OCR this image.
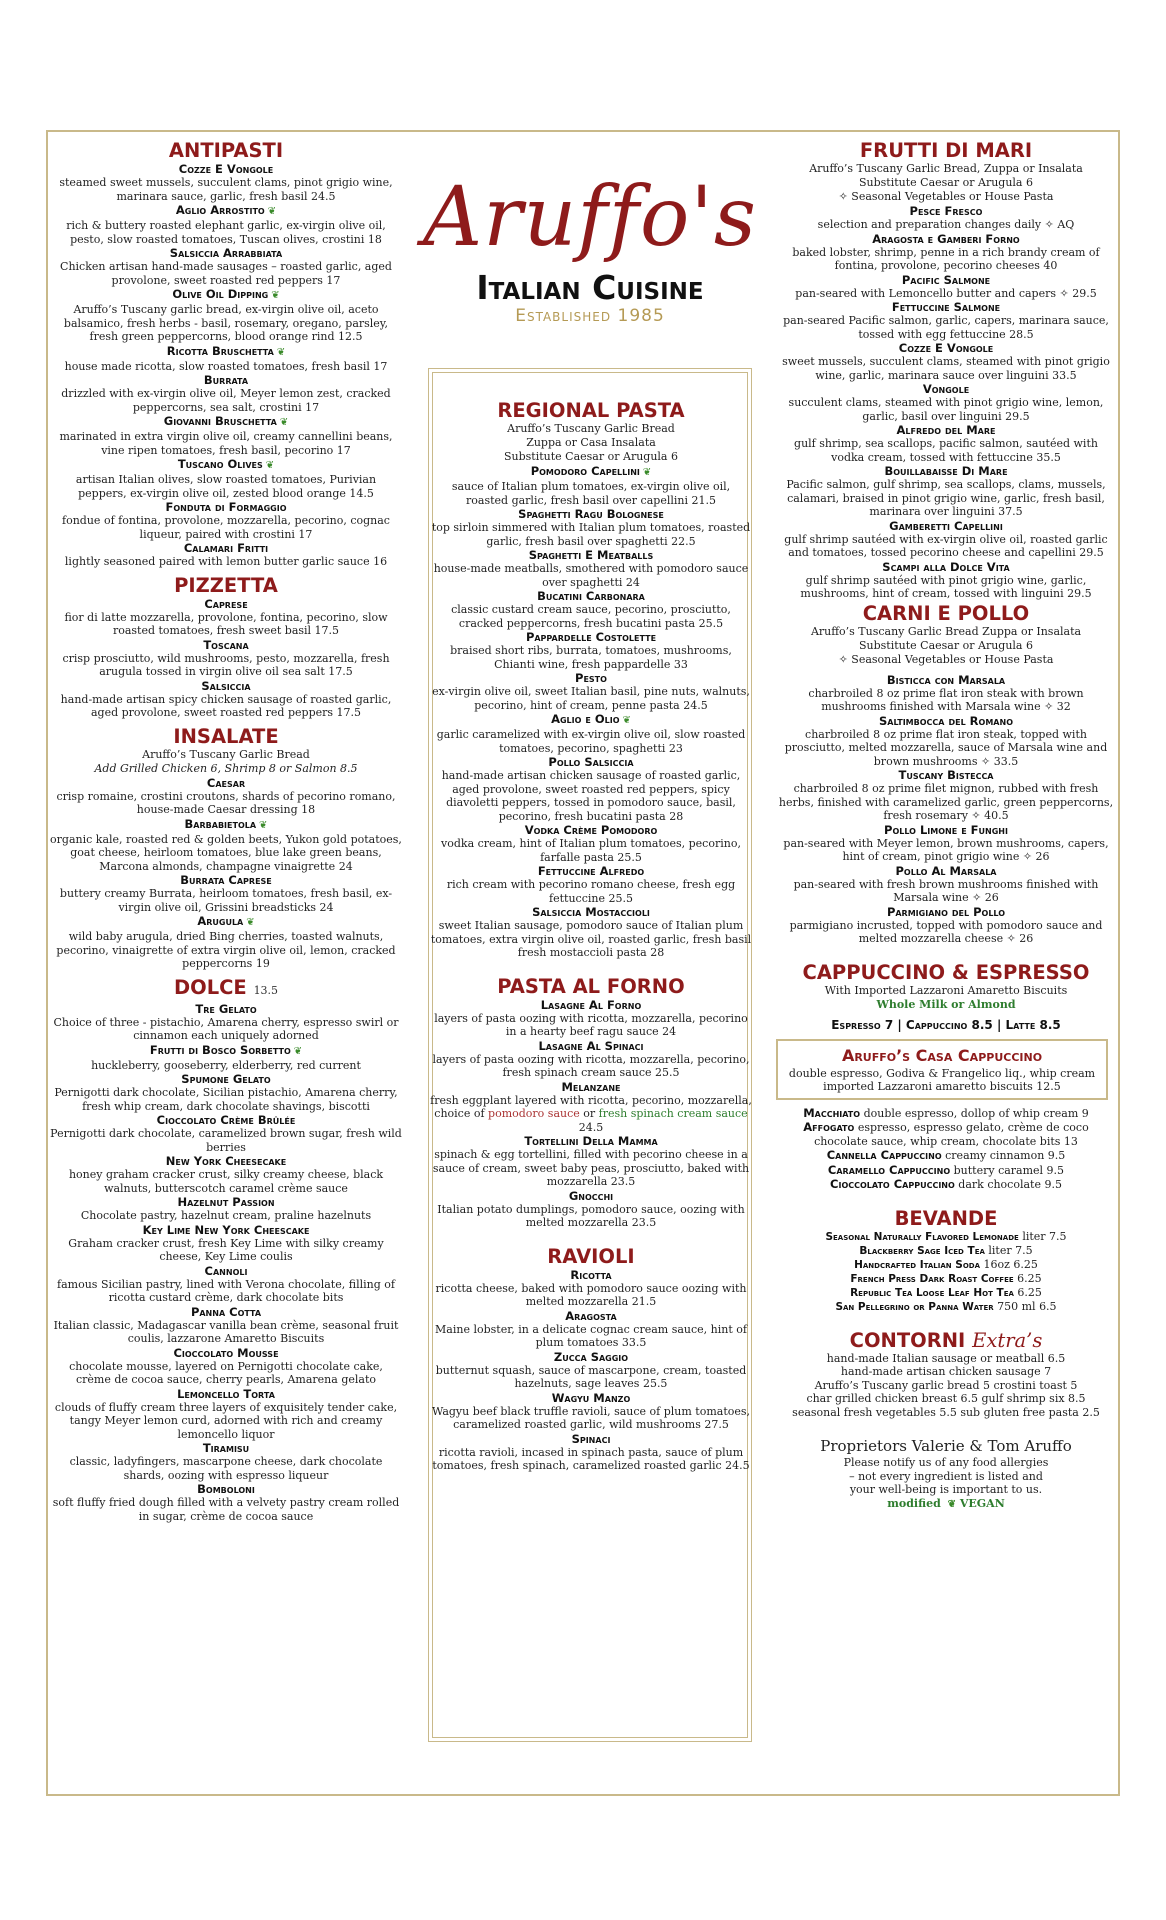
Aruffo's
Italian Cuisine
Established 1985
ANTIPASTI
Cozze E Vongole
steamed sweet mussels, succulent clams, pinot grigio wine, marinara sauce, garlic, fresh basil 24.5
Aglio Arrostito ❦
rich & buttery roasted elephant garlic, ex-virgin olive oil, pesto, slow roasted tomatoes, Tuscan olives, crostini 18
Salsiccia Arrabbiata
Chicken artisan hand-made sausages – roasted garlic, aged provolone, sweet roasted red peppers 17
Olive Oil Dipping ❦
Aruffo’s Tuscany garlic bread, ex-virgin olive oil, aceto balsamico, fresh herbs - basil, rosemary, oregano, parsley, fresh green peppercorns, blood orange rind 12.5
Ricotta Bruschetta ❦
house made ricotta, slow roasted tomatoes, fresh basil 17
Burrata
drizzled with ex-virgin olive oil, Meyer lemon zest, cracked peppercorns, sea salt, crostini 17
Giovanni Bruschetta ❦
marinated in extra virgin olive oil, creamy cannellini beans, vine ripen tomatoes, fresh basil, pecorino 17
Tuscano Olives ❦
artisan Italian olives, slow roasted tomatoes, Purivian peppers, ex-virgin olive oil, zested blood orange 14.5
Fonduta di Formaggio
fondue of fontina, provolone, mozzarella, pecorino, cognac liqueur, paired with crostini 17
Calamari Fritti
lightly seasoned paired with lemon butter garlic sauce 16
PIZZETTA
Caprese
fior di latte mozzarella, provolone, fontina, pecorino, slow roasted tomatoes, fresh sweet basil 17.5
Toscana
crisp prosciutto, wild mushrooms, pesto, mozzarella, fresh arugula tossed in virgin olive oil sea salt 17.5
Salsiccia
hand-made artisan spicy chicken sausage of roasted garlic, aged provolone, sweet roasted red peppers 17.5
INSALATE
Aruffo’s Tuscany Garlic Bread
Add Grilled Chicken 6, Shrimp 8 or Salmon 8.5
Caesar
crisp romaine, crostini croutons, shards of pecorino romano, house-made Caesar dressing 18
Barbabietola ❦
organic kale, roasted red & golden beets, Yukon gold potatoes, goat cheese, heirloom tomatoes, blue lake green beans, Marcona almonds, champagne vinaigrette 24
Burrata Caprese
buttery creamy Burrata, heirloom tomatoes, fresh basil, ex-virgin olive oil, Grissini breadsticks 24
Arugula ❦
wild baby arugula, dried Bing cherries, toasted walnuts, pecorino, vinaigrette of extra virgin olive oil, lemon, cracked peppercorns 19
DOLCE 13.5
Tre Gelato
Choice of three - pistachio, Amarena cherry, espresso swirl or cinnamon each uniquely adorned
Frutti di Bosco Sorbetto ❦
huckleberry, gooseberry, elderberry, red current
Spumone Gelato
Pernigotti dark chocolate, Sicilian pistachio, Amarena cherry, fresh whip cream, dark chocolate shavings, biscotti
Cioccolato Crème Brûlée
Pernigotti dark chocolate, caramelized brown sugar, fresh wild berries
New York Cheesecake
honey graham cracker crust, silky creamy cheese, black walnuts, butterscotch caramel crème sauce
Hazelnut Passion
Chocolate pastry, hazelnut cream, praline hazelnuts
Key Lime New York Cheescake
Graham cracker crust, fresh Key Lime with silky creamy cheese, Key Lime coulis
Cannoli
famous Sicilian pastry, lined with Verona chocolate, filling of ricotta custard crème, dark chocolate bits
Panna Cotta
Italian classic, Madagascar vanilla bean crème, seasonal fruit coulis, lazzarone Amaretto Biscuits
Cioccolato Mousse
chocolate mousse, layered on Pernigotti chocolate cake, crème de cocoa sauce, cherry pearls, Amarena gelato
Lemoncello Torta
clouds of fluffy cream three layers of exquisitely tender cake, tangy Meyer lemon curd, adorned with rich and creamy lemoncello liquor
Tiramisu
classic, ladyfingers, mascarpone cheese, dark chocolate shards, oozing with espresso liqueur
Bomboloni
soft fluffy fried dough filled with a velvety pastry cream rolled in sugar, crème de cocoa sauce
REGIONAL PASTA
Aruffo’s Tuscany Garlic Bread
Zuppa or Casa Insalata
Substitute Caesar or Arugula 6
Pomodoro Capellini ❦
sauce of Italian plum tomatoes, ex-virgin olive oil, roasted garlic, fresh basil over capellini 21.5
Spaghetti Ragu Bolognese
top sirloin simmered with Italian plum tomatoes, roasted garlic, fresh basil over spaghetti 22.5
Spaghetti E Meatballs
house-made meatballs, smothered with pomodoro sauce over spaghetti 24
Bucatini Carbonara
classic custard cream sauce, pecorino, prosciutto, cracked peppercorns, fresh bucatini pasta 25.5
Pappardelle Costolette
braised short ribs, burrata, tomatoes, mushrooms, Chianti wine, fresh pappardelle 33
Pesto
ex-virgin olive oil, sweet Italian basil, pine nuts, walnuts, pecorino, hint of cream, penne pasta 24.5
Aglio e Olio ❦
garlic caramelized with ex-virgin olive oil, slow roasted tomatoes, pecorino, spaghetti 23
Pollo Salsiccia
hand-made artisan chicken sausage of roasted garlic, aged provolone, sweet roasted red peppers, spicy diavoletti peppers, tossed in pomodoro sauce, basil, pecorino, fresh bucatini pasta 28
Vodka Crème Pomodoro
vodka cream, hint of Italian plum tomatoes, pecorino, farfalle pasta 25.5
Fettuccine Alfredo
rich cream with pecorino romano cheese, fresh egg fettuccine 25.5
Salsiccia Mostaccioli
sweet Italian sausage, pomodoro sauce of Italian plum tomatoes, extra virgin olive oil, roasted garlic, fresh basil fresh mostaccioli pasta 28
PASTA AL FORNO
Lasagne Al Forno
layers of pasta oozing with ricotta, mozzarella, pecorino in a hearty beef ragu sauce 24
Lasagne Al Spinaci
layers of pasta oozing with ricotta, mozzarella, pecorino, fresh spinach cream sauce 25.5
Melanzane
fresh eggplant layered with ricotta, pecorino, mozzarella, choice of pomodoro sauce or fresh spinach cream sauce 24.5
Tortellini Della Mamma
spinach & egg tortellini, filled with pecorino cheese in a sauce of cream, sweet baby peas, prosciutto, baked with mozzarella 23.5
Gnocchi
Italian potato dumplings, pomodoro sauce, oozing with melted mozzarella 23.5
RAVIOLI
Ricotta
ricotta cheese, baked with pomodoro sauce oozing with melted mozzarella 21.5
Aragosta
Maine lobster, in a delicate cognac cream sauce, hint of plum tomatoes 33.5
Zucca Saggio
butternut squash, sauce of mascarpone, cream, toasted hazelnuts, sage leaves 25.5
Wagyu Manzo
Wagyu beef black truffle ravioli, sauce of plum tomatoes, caramelized roasted garlic, wild mushrooms 27.5
Spinaci
ricotta ravioli, incased in spinach pasta, sauce of plum tomatoes, fresh spinach, caramelized roasted garlic 24.5
FRUTTI DI MARI
Aruffo’s Tuscany Garlic Bread, Zuppa or Insalata
Substitute Caesar or Arugula 6
✧ Seasonal Vegetables or House Pasta
Pesce Fresco
selection and preparation changes daily ✧ AQ
Aragosta e Gamberi Forno
baked lobster, shrimp, penne in a rich brandy cream of fontina, provolone, pecorino cheeses 40
Pacific Salmone
pan-seared with Lemoncello butter and capers ✧ 29.5
Fettuccine Salmone
pan-seared Pacific salmon, garlic, capers, marinara sauce, tossed with egg fettuccine 28.5
Cozze E Vongole
sweet mussels, succulent clams, steamed with pinot grigio wine, garlic, marinara sauce over linguini 33.5
Vongole
succulent clams, steamed with pinot grigio wine, lemon, garlic, basil over linguini 29.5
Alfredo del Mare
gulf shrimp, sea scallops, pacific salmon, sautéed with vodka cream, tossed with fettuccine 35.5
Bouillabaisse Di Mare
Pacific salmon, gulf shrimp, sea scallops, clams, mussels, calamari, braised in pinot grigio wine, garlic, fresh basil, marinara over linguini 37.5
Gamberetti Capellini
gulf shrimp sautéed with ex-virgin olive oil, roasted garlic and tomatoes, tossed pecorino cheese and capellini 29.5
Scampi alla Dolce Vita
gulf shrimp sautéed with pinot grigio wine, garlic, mushrooms, hint of cream, tossed with linguini 29.5
CARNI E POLLO
Aruffo’s Tuscany Garlic Bread Zuppa or Insalata
Substitute Caesar or Arugula 6
✧ Seasonal Vegetables or House Pasta
Bisticca con Marsala
charbroiled 8 oz prime flat iron steak with brown mushrooms finished with Marsala wine ✧ 32
Saltimbocca del Romano
charbroiled 8 oz prime flat iron steak, topped with prosciutto, melted mozzarella, sauce of Marsala wine and brown mushrooms ✧ 33.5
Tuscany Bistecca
charbroiled 8 oz prime filet mignon, rubbed with fresh herbs, finished with caramelized garlic, green peppercorns, fresh rosemary ✧ 40.5
Pollo Limone e Funghi
pan-seared with Meyer lemon, brown mushrooms, capers, hint of cream, pinot grigio wine ✧ 26
Pollo Al Marsala
pan-seared with fresh brown mushrooms finished with Marsala wine ✧ 26
Parmigiano del Pollo
parmigiano incrusted, topped with pomodoro sauce and melted mozzarella cheese ✧ 26
CAPPUCCINO & ESPRESSO
With Imported Lazzaroni Amaretto Biscuits
Whole Milk or Almond
Espresso 7 | Cappuccino 8.5 | Latte 8.5
Aruffo’s Casa Cappuccino
double espresso, Godiva & Frangelico liq., whip cream imported Lazzaroni amaretto biscuits 12.5
Macchiato double espresso, dollop of whip cream 9
Affogato espresso, espresso gelato, crème de coco chocolate sauce, whip cream, chocolate bits 13
Cannella Cappuccino creamy cinnamon 9.5
Caramello Cappuccino buttery caramel 9.5
Cioccolato Cappuccino dark chocolate 9.5
BEVANDE
Seasonal Naturally Flavored Lemonade liter 7.5
Blackberry Sage Iced Tea liter 7.5
Handcrafted Italian Soda 16oz 6.25
French Press Dark Roast Coffee 6.25
Republic Tea Loose Leaf Hot Tea 6.25
San Pellegrino or Panna Water 750 ml 6.5
CONTORNI Extra’s
hand-made Italian sausage or meatball 6.5
hand-made artisan chicken sausage 7
Aruffo’s Tuscany garlic bread 5 crostini toast 5
char grilled chicken breast 6.5 gulf shrimp six 8.5
seasonal fresh vegetables 5.5 sub gluten free pasta 2.5
Proprietors Valerie & Tom Aruffo
Please notify us of any food allergies
– not every ingredient is listed and
your well-being is important to us.
modified ❦ VEGAN
